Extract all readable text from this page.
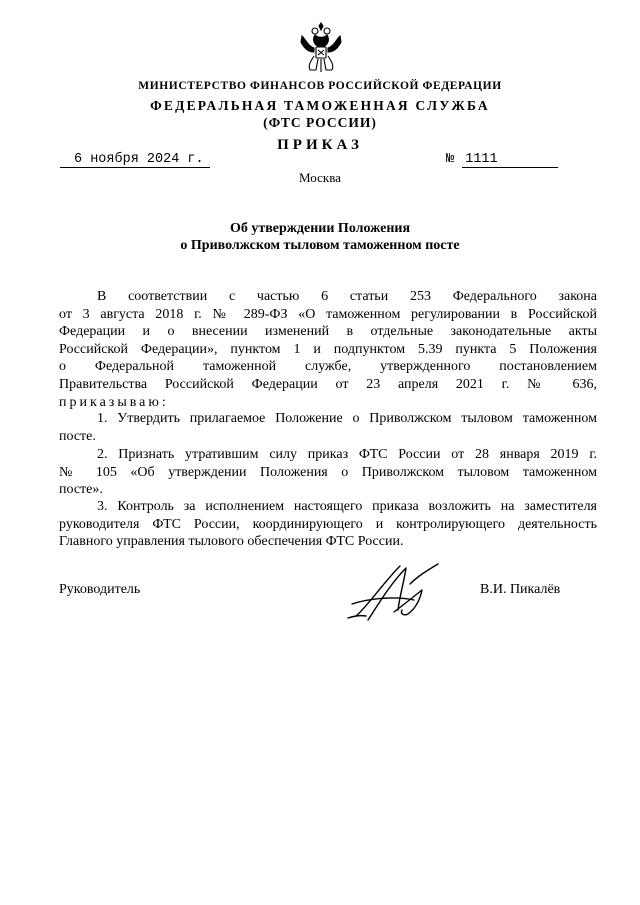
МИНИСТЕРСТВО ФИНАНСОВ РОССИЙСКОЙ ФЕДЕРАЦИИ
ФЕДЕРАЛЬНАЯ ТАМОЖЕННАЯ СЛУЖБА
(ФТС РОССИИ)
ПРИКАЗ
6 ноября 2024 г.	№ 1111
Москва
Об утверждении Положения
о Приволжском тыловом таможенном посте

В соответствии с частью 6 статьи 253 Федерального закона

от 3 августа 2018 г. № 289-ФЗ «О таможенном регулировании в Российской

Федерации и о внесении изменений в отдельные законодательные акты

Российской Федерации», пунктом 1 и подпунктом 5.39 пункта 5 Положения

о Федеральной таможенной службе, утвержденного постановлением

Правительства Российской Федерации от 23 апреля 2021 г. № 636,

приказываю:

1. Утвердить прилагаемое Положение о Приволжском тыловом таможенном

посте.

2. Признать утратившим силу приказ ФТС России от 28 января 2019 г.

№ 105 «Об утверждении Положения о Приволжском тыловом таможенном

посте».

3. Контроль за исполнением настоящего приказа возложить на заместителя

руководителя ФТС России, координирующего и контролирующего деятельность

Главного управления тылового обеспечения ФТС России.

Руководитель	В.И. Пикалёв
